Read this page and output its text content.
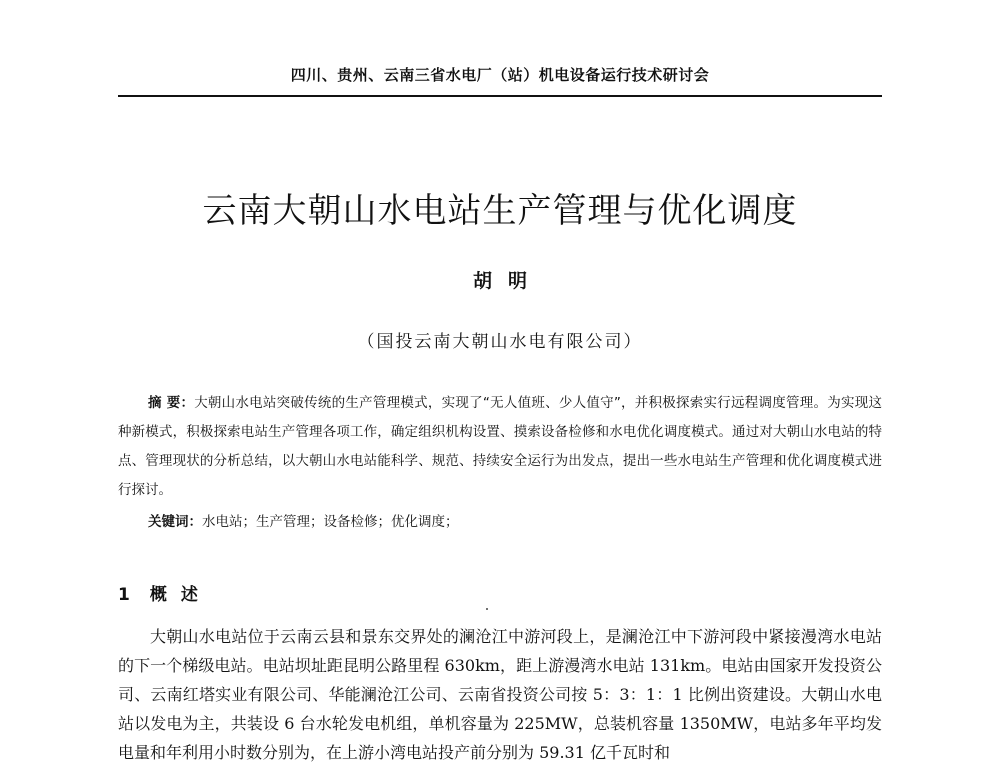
四川、贵州、云南三省水电厂（站）机电设备运行技术研讨会
云南大朝山水电站生产管理与优化调度
胡明
（国投云南大朝山水电有限公司）
摘 要：大朝山水电站突破传统的生产管理模式，实现了“无人值班、少人值守”，并积极探索实行远程调度管理。为实现这种新模式，积极探索电站生产管理各项工作，确定组织机构设置、摸索设备检修和水电优化调度模式。通过对大朝山水电站的特点、管理现状的分析总结，以大朝山水电站能科学、规范、持续安全运行为出发点，提出一些水电站生产管理和优化调度模式进行探讨。
关键词：水电站；生产管理；设备检修；优化调度；
1 概述
大朝山水电站位于云南云县和景东交界处的澜沧江中游河段上，是澜沧江中下游河段中紧接漫湾水电站的下一个梯级电站。电站坝址距昆明公路里程 630km，距上游漫湾水电站 131km。电站由国家开发投资公司、云南红塔实业有限公司、华能澜沧江公司、云南省投资公司按 5：3：1：1 比例出资建设。大朝山水电站以发电为主，共装设 6 台水轮发电机组，单机容量为 225MW，总装机容量 1350MW，电站多年平均发电量和年利用小时数分别为，在上游小湾电站投产前分别为 59.31 亿千瓦时和
